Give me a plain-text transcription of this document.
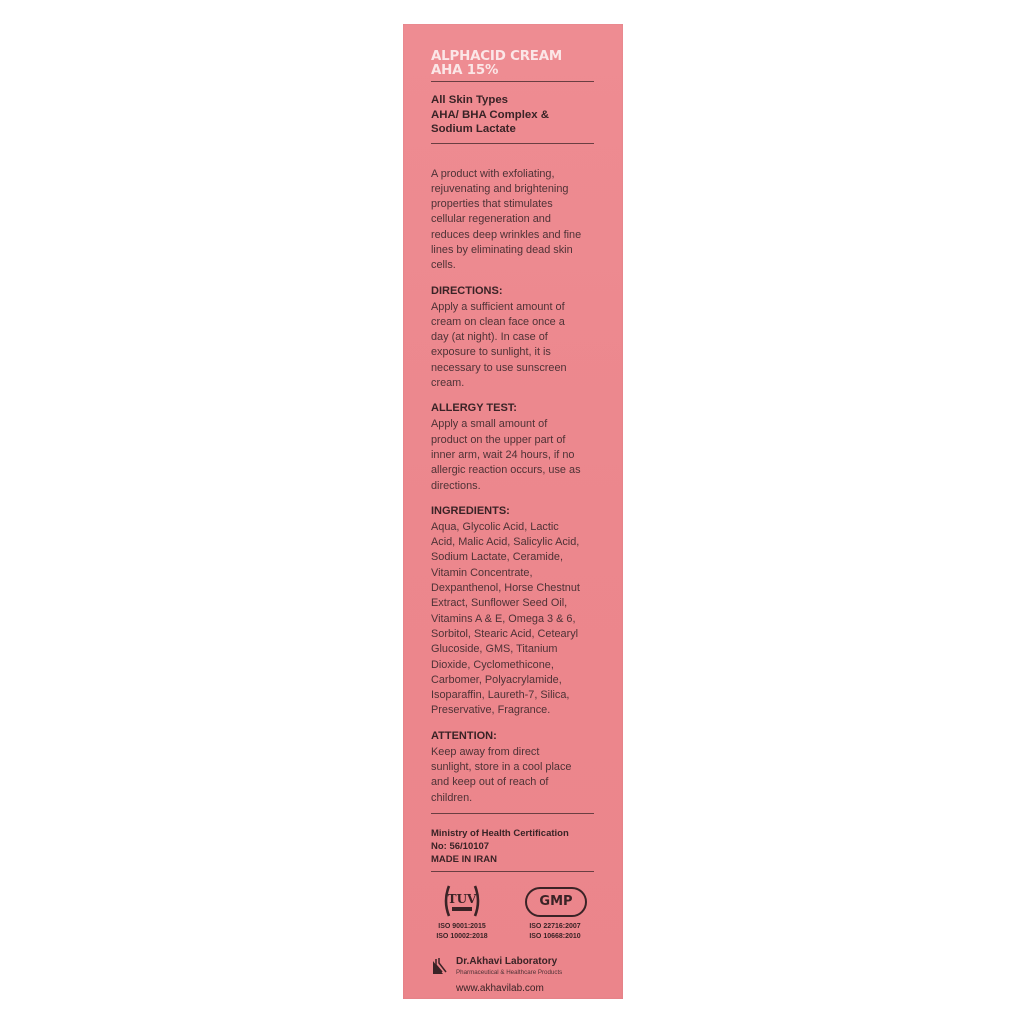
ALPHACID CREAM
AHA 15%
All Skin Types
AHA/ BHA Complex &
Sodium Lactate
A product with exfoliating,
rejuvenating and brightening
properties that stimulates
cellular regeneration and
reduces deep wrinkles and fine
lines by eliminating dead skin
cells.
DIRECTIONS:
Apply a sufficient amount of
cream on clean face once a
day (at night). In case of
exposure to sunlight, it is
necessary to use sunscreen
cream.
ALLERGY TEST:
Apply a small amount of
product on the upper part of
inner arm, wait 24 hours, if no
allergic reaction occurs, use as
directions.
INGREDIENTS:
Aqua, Glycolic Acid, Lactic
Acid, Malic Acid, Salicylic Acid,
Sodium Lactate, Ceramide,
Vitamin Concentrate,
Dexpanthenol, Horse Chestnut
Extract, Sunflower Seed Oil,
Vitamins A & E, Omega 3 & 6,
Sorbitol, Stearic Acid, Cetearyl
Glucoside, GMS, Titanium
Dioxide, Cyclomethicone,
Carbomer, Polyacrylamide,
Isoparaffin, Laureth-7, Silica,
Preservative, Fragrance.
ATTENTION:
Keep away from direct
sunlight, store in a cool place
and keep out of reach of
children.
Ministry of Health Certification
No: 56/10107
MADE IN IRAN
TUV	GMP
ISO 9001:2015
ISO 10002:2018
ISO 22716:2007
ISO 10668:2010
Dr.Akhavi Laboratory
Pharmaceutical & Healthcare Products
www.akhavilab.com
